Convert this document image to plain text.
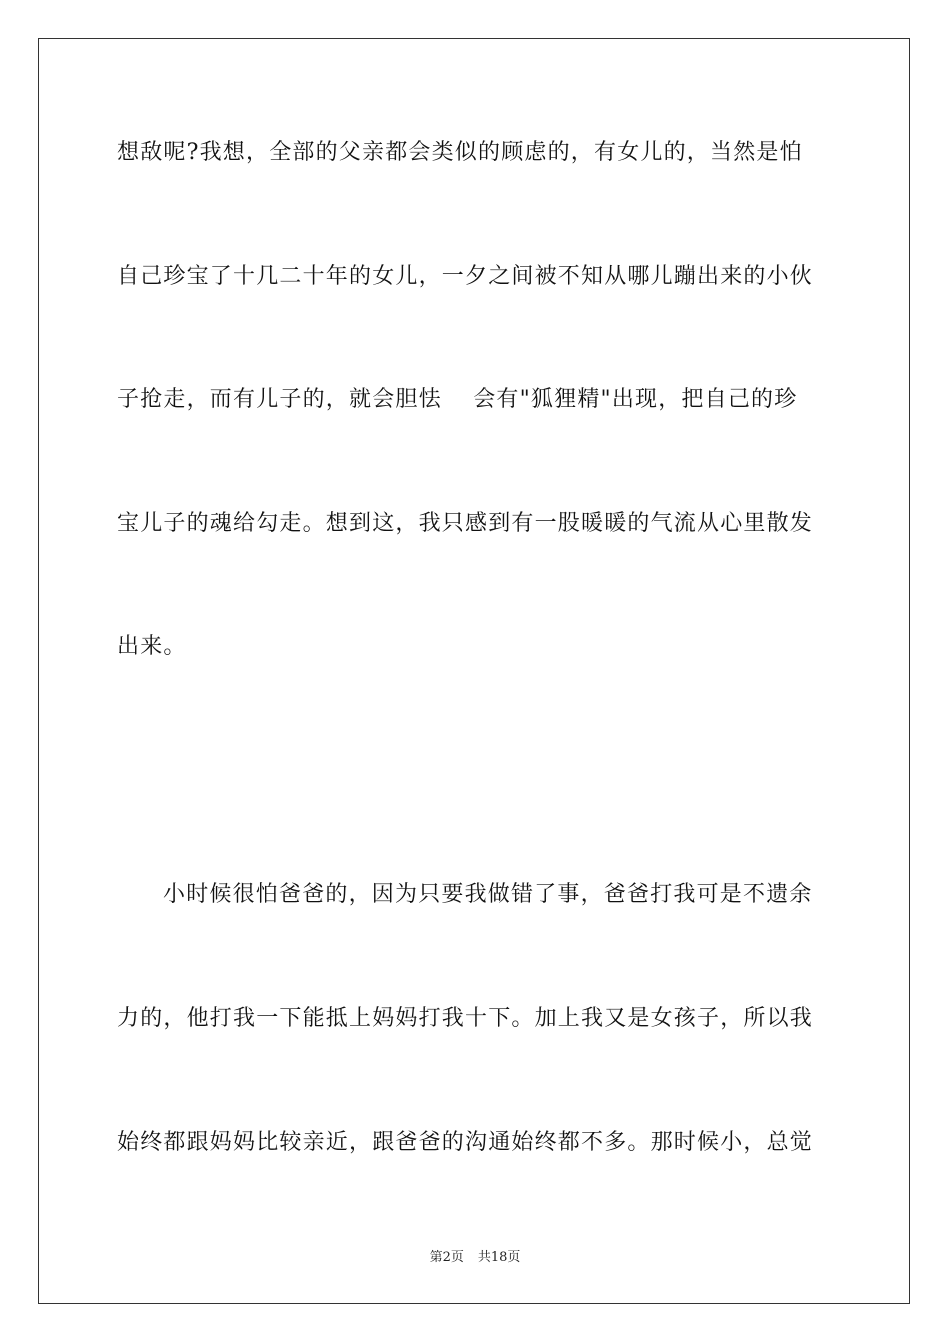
想敌呢?我想，全部的父亲都会类似的顾虑的，有女儿的，当然是怕
自己珍宝了十几二十年的女儿，一夕之间被不知从哪儿蹦出来的小伙
子抢走，而有儿子的，就会胆怯　 会有"狐狸精"出现，把自己的珍
宝儿子的魂给勾走。想到这，我只感到有一股暖暖的气流从心里散发
出来。
小时候很怕爸爸的，因为只要我做错了事，爸爸打我可是不遗余
力的，他打我一下能抵上妈妈打我十下。加上我又是女孩子，所以我
始终都跟妈妈比较亲近，跟爸爸的沟通始终都不多。那时候小，总觉
第2页 共18页
